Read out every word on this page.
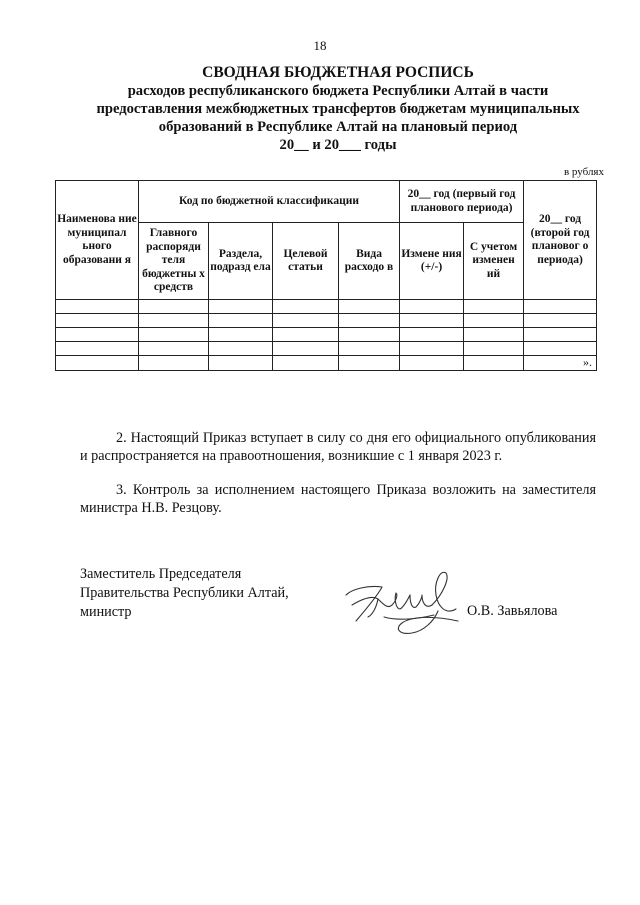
18
СВОДНАЯ БЮДЖЕТНАЯ РОСПИСЬ
расходов республиканского бюджета Республики Алтай в части
предоставления межбюджетных трансфертов бюджетам муниципальных
образований в Республике Алтай на плановый период
20__ и 20___ годы
в рублях
Наименова ние муниципал ьного образовани я	Код по бюджетной классификации				20__ год (первый год планового периода)		20__ год (второй год плановог о периода)
	Главного распоряди теля бюджетны х средств	Раздела, подразд ела	Целевой статьи	Вида расходо в	Измене ния (+/-)	С учетом изменен ий	

							».
2. Настоящий Приказ вступает в силу со дня его официального опубликования и распространяется на правоотношения, возникшие с 1 января 2023 г.
3. Контроль за исполнением настоящего Приказа возложить на заместителя министра Н.В. Резцову.
Заместитель Председателя
Правительства Республики Алтай,
министр	О.В. Завьялова
